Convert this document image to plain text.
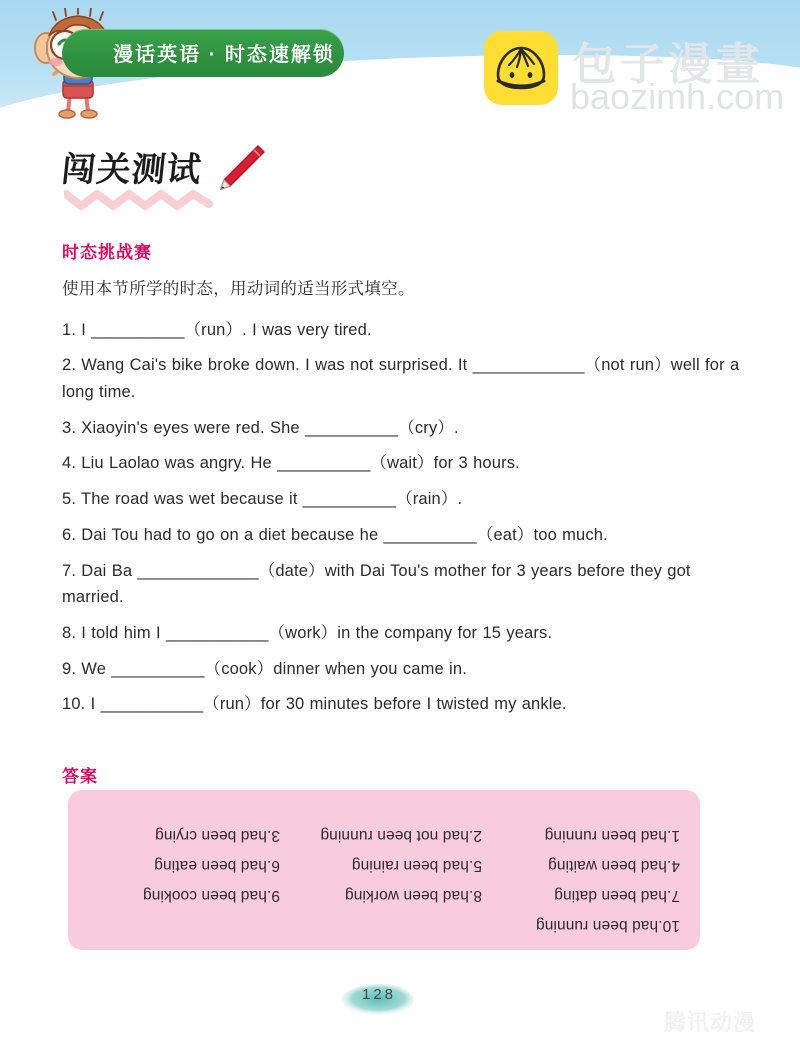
漫话英语 · 时态速解锁	包子漫畫
baozimh.com
闯关测试
时态挑战赛

使用本节所学的时态，用动词的适当形式填空。

1. I __________（run）. I was very tired.
2. Wang Cai's bike broke down. I was not surprised. It ____________（not run）well for a long time.
3. Xiaoyin's eyes were red. She __________（cry）.
4. Liu Laolao was angry. He __________（wait）for 3 hours.
5. The road was wet because it __________（rain）.
6. Dai Tou had to go on a diet because he __________（eat）too much.
7. Dai Ba _____________（date）with Dai Tou's mother for 3 years before they got married.
8. I told him I ___________（work）in the company for 15 years.
9. We __________（cook）dinner when you came in.
10. I ___________（run）for 30 minutes before I twisted my ankle.
答案
10.had been running
7.had been dating
8.had been working
9.had been cooking
4.had been waiting
5.had been raining
6.had been eating
1.had been running
2.had not been running
3.had been crying
128
腾讯动漫
